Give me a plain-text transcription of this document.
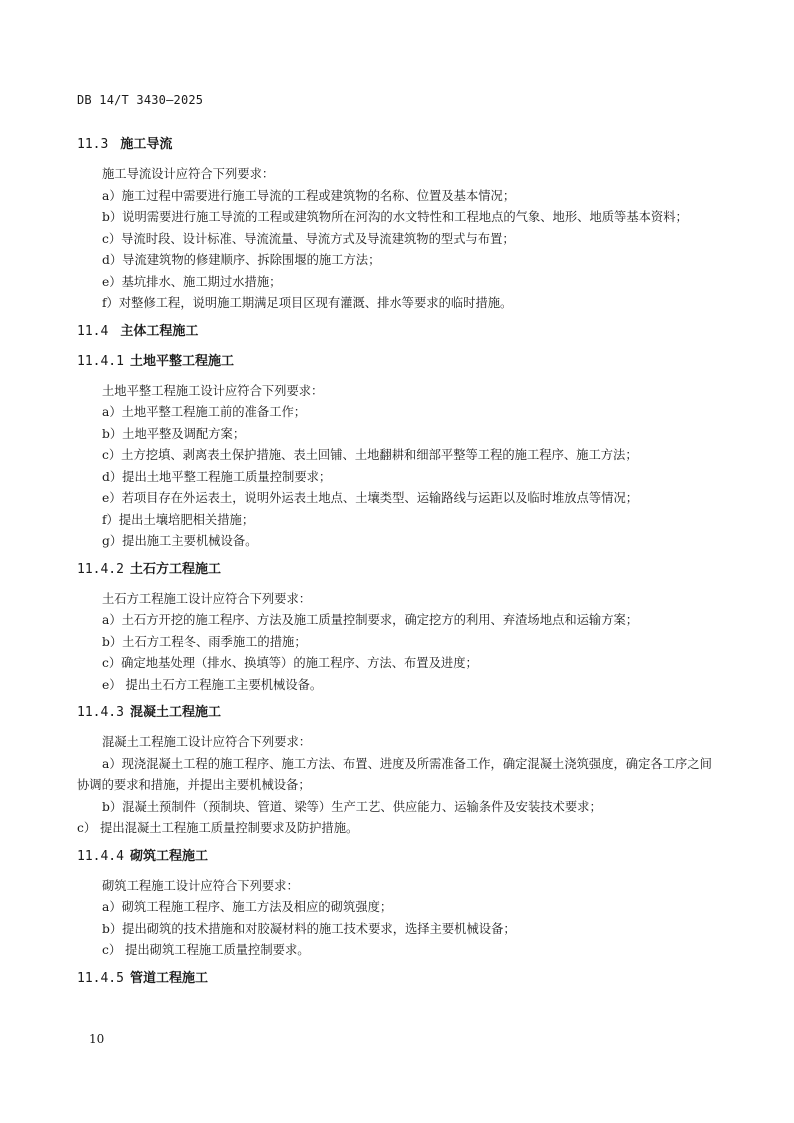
DB 14/T 3430—2025
11.3 施工导流
施工导流设计应符合下列要求：
a）施工过程中需要进行施工导流的工程或建筑物的名称、位置及基本情况；
b）说明需要进行施工导流的工程或建筑物所在河沟的水文特性和工程地点的气象、地形、地质等基本资料；
c）导流时段、设计标准、导流流量、导流方式及导流建筑物的型式与布置；
d）导流建筑物的修建顺序、拆除围堰的施工方法；
e）基坑排水、施工期过水措施；
f）对整修工程，说明施工期满足项目区现有灌溉、排水等要求的临时措施。
11.4 主体工程施工
11.4.1 土地平整工程施工
土地平整工程施工设计应符合下列要求：
a）土地平整工程施工前的准备工作；
b）土地平整及调配方案；
c）土方挖填、剥离表土保护措施、表土回铺、土地翻耕和细部平整等工程的施工程序、施工方法；
d）提出土地平整工程施工质量控制要求；
e）若项目存在外运表土，说明外运表土地点、土壤类型、运输路线与运距以及临时堆放点等情况；
f）提出土壤培肥相关措施；
g）提出施工主要机械设备。
11.4.2 土石方工程施工
土石方工程施工设计应符合下列要求：
a）土石方开挖的施工程序、方法及施工质量控制要求，确定挖方的利用、弃渣场地点和运输方案；
b）土石方工程冬、雨季施工的措施；
c）确定地基处理（排水、换填等）的施工程序、方法、布置及进度；
e） 提出土石方工程施工主要机械设备。
11.4.3 混凝土工程施工
混凝土工程施工设计应符合下列要求：
a）现浇混凝土工程的施工程序、施工方法、布置、进度及所需准备工作，确定混凝土浇筑强度，确定各工序之间协调的要求和措施，并提出主要机械设备；
b）混凝土预制件（预制块、管道、梁等）生产工艺、供应能力、运输条件及安装技术要求；
c） 提出混凝土工程施工质量控制要求及防护措施。
11.4.4 砌筑工程施工
砌筑工程施工设计应符合下列要求：
a）砌筑工程施工程序、施工方法及相应的砌筑强度；
b）提出砌筑的技术措施和对胶凝材料的施工技术要求，选择主要机械设备；
c） 提出砌筑工程施工质量控制要求。
11.4.5 管道工程施工
10
